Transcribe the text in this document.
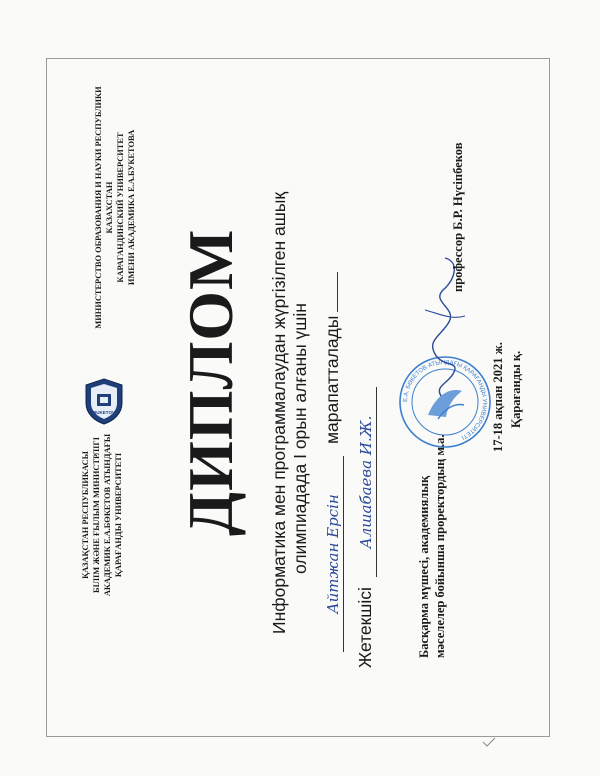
ҚАЗАҚСТАН РЕСПУБЛИКАСЫ БІЛІМ ЖӘНЕ ҒЫЛЫМ МИНИСТРЛІГІ АКАДЕМИК Е.А.БӨКЕТОВ АТЫНДАҒЫ ҚАРАҒАНДЫ УНИВЕРСИТЕТІ
BUKETOV
МИНИСТЕРСТВО ОБРАЗОВАНИЯ И НАУКИ РЕСПУБЛИКИ КАЗАХСТАН КАРАГАНДИНСКИЙ УНИВЕРСИТЕТ ИМЕНИ АКАДЕМИКА Е.А.БУКЕТОВА
ДИПЛОМ Информатика мен программалаудан жүргізілген ашық олимпиадада I орын алғаны үшін Айтжан Ерсін марапатталады
Жетекшісі Алшабаева И.Ж.
Е.А. БӨКЕТОВ АТЫНДАҒЫ ҚАРАҒАНДЫ УНИВЕРСИТЕТІ
Басқарма мүшесі, академиялық мәселелер бойынша проректордың м.а.
профессор Б.Р. Нүсіпбеков
17-18 ақпан 2021 ж. Қарағанды қ.
